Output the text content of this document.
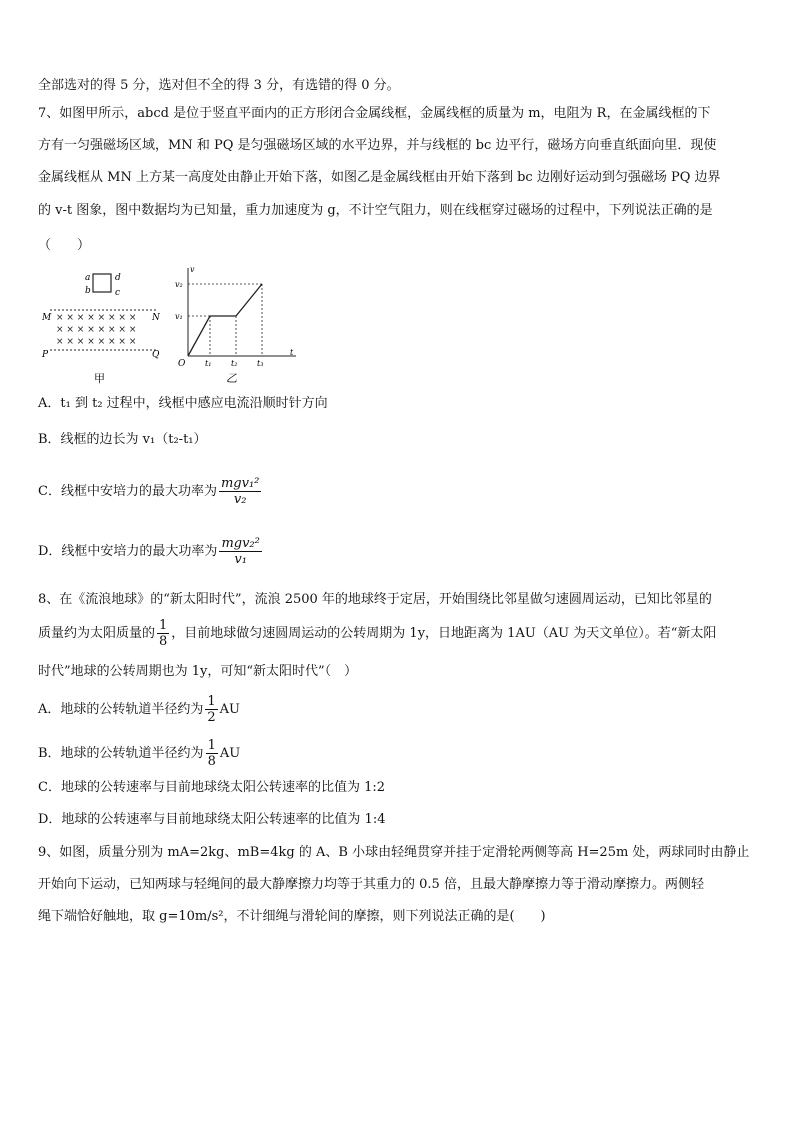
全部选对的得 5 分，选对但不全的得 3 分，有选错的得 0 分。
7、如图甲所示，abcd 是位于竖直平面内的正方形闭合金属线框，金属线框的质量为 m，电阻为 R，在金属线框的下
方有一匀强磁场区域，MN 和 PQ 是匀强磁场区域的水平边界，并与线框的 bc 边平行，磁场方向垂直纸面向里．现使
金属线框从 MN 上方某一高度处由静止开始下落，如图乙是金属线框由开始下落到 bc 边刚好运动到匀强磁场 PQ 边界
的 v-t 图象，图中数据均为已知量，重力加速度为 g，不计空气阻力，则在线框穿过磁场的过程中，下列说法正确的是
（　　）
a	d
b	c
M	N
P	Q
× × × × × × × ×
× × × × × × × ×
× × × × × × × ×
甲
v
t
O
v₁
v₂
t₁ t₂ t₃
乙
A．t₁ 到 t₂ 过程中，线框中感应电流沿顺时针方向
B．线框的边长为 v₁（t₂-t₁）
C．线框中安培力的最大功率为 $\frac{\text{mgv₁²}}{\text{v₂}}$
D．线框中安培力的最大功率为 $\frac{\text{mgv₂²}}{\text{v₁}}$
8、在《流浪地球》的“新太阳时代”，流浪 2500 年的地球终于定居，开始围绕比邻星做匀速圆周运动，已知比邻星的
质量约为太阳质量的 $\frac{1}{8}$ ，目前地球做匀速圆周运动的公转周期为 1y，日地距离为 1AU（AU 为天文单位）。若“新太阳
时代”地球的公转周期也为 1y，可知“新太阳时代”（　）
A．地球的公转轨道半径约为 $\frac{1}{2}$ AU
B．地球的公转轨道半径约为 $\frac{1}{8}$ AU
C．地球的公转速率与目前地球绕太阳公转速率的比值为 1:2
D．地球的公转速率与目前地球绕太阳公转速率的比值为 1:4
9、如图，质量分别为 mA=2kg、mB=4kg 的 A、B 小球由轻绳贯穿并挂于定滑轮两侧等高 H=25m 处，两球同时由静止
开始向下运动，已知两球与轻绳间的最大静摩擦力均等于其重力的 0.5 倍，且最大静摩擦力等于滑动摩擦力。两侧轻
绳下端恰好触地，取 g=10m/s²，不计细绳与滑轮间的摩擦，则下列说法正确的是(　　)
